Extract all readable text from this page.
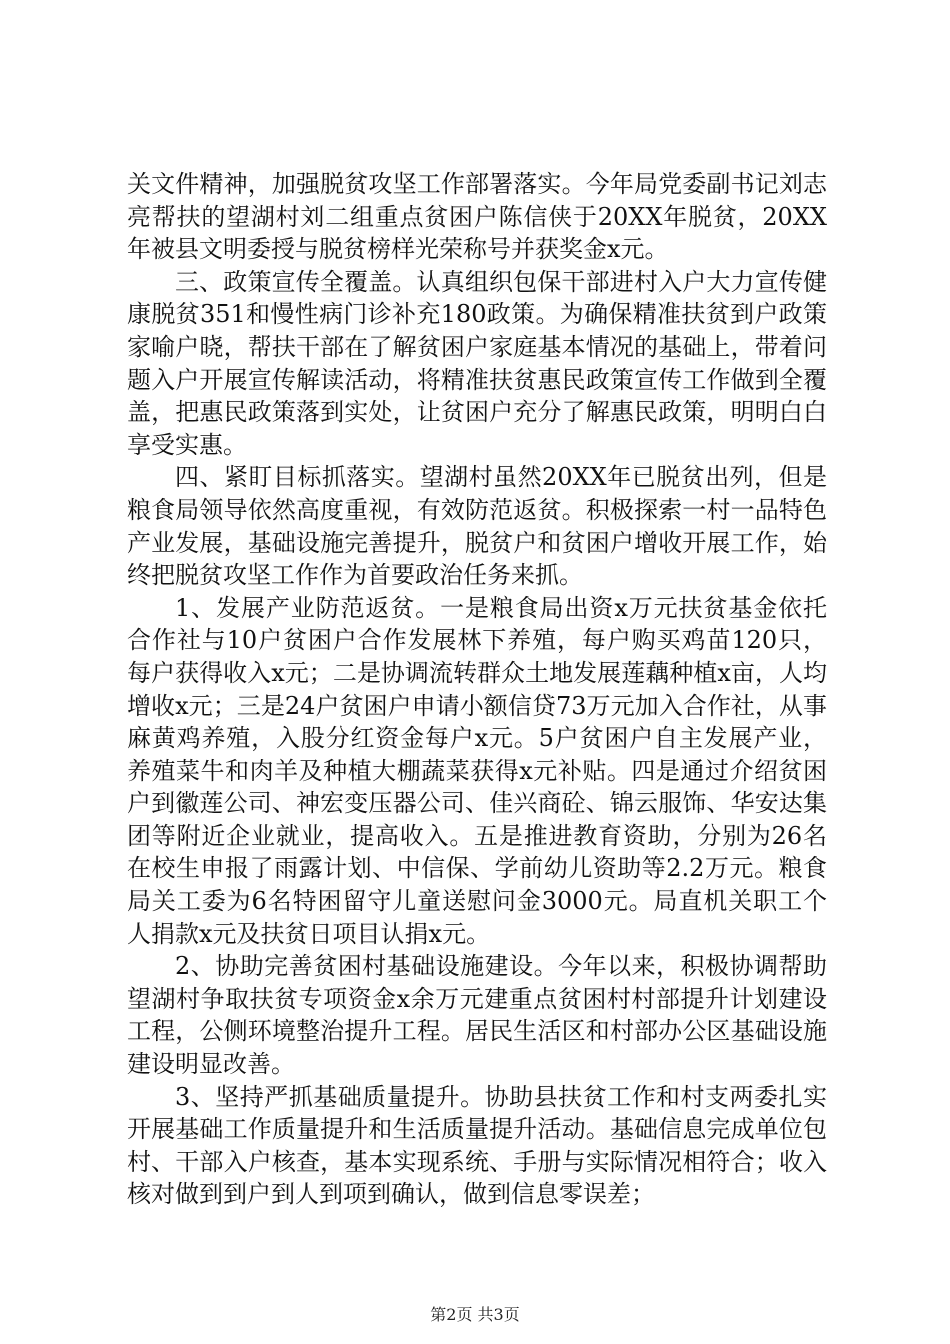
关文件精神，加强脱贫攻坚工作部署落实。今年局党委副书记刘志亮帮扶的望湖村刘二组重点贫困户陈信侠于20XX年脱贫，20XX年被县文明委授与脱贫榜样光荣称号并获奖金x元。

三、政策宣传全覆盖。认真组织包保干部进村入户大力宣传健康脱贫351和慢性病门诊补充180政策。为确保精准扶贫到户政策家喻户晓，帮扶干部在了解贫困户家庭基本情况的基础上，带着问题入户开展宣传解读活动，将精准扶贫惠民政策宣传工作做到全覆盖，把惠民政策落到实处，让贫困户充分了解惠民政策，明明白白享受实惠。

四、紧盯目标抓落实。望湖村虽然20XX年已脱贫出列，但是粮食局领导依然高度重视，有效防范返贫。积极探索一村一品特色产业发展，基础设施完善提升，脱贫户和贫困户增收开展工作，始终把脱贫攻坚工作作为首要政治任务来抓。

1、发展产业防范返贫。一是粮食局出资x万元扶贫基金依托合作社与10户贫困户合作发展林下养殖，每户购买鸡苗120只，每户获得收入x元；二是协调流转群众土地发展莲藕种植x亩，人均增收x元；三是24户贫困户申请小额信贷73万元加入合作社，从事麻黄鸡养殖，入股分红资金每户x元。5户贫困户自主发展产业，养殖菜牛和肉羊及种植大棚蔬菜获得x元补贴。四是通过介绍贫困户到徽莲公司、神宏变压器公司、佳兴商砼、锦云服饰、华安达集团等附近企业就业，提高收入。五是推进教育资助，分别为26名在校生申报了雨露计划、中信保、学前幼儿资助等2.2万元。粮食局关工委为6名特困留守儿童送慰问金3000元。局直机关职工个人捐款x元及扶贫日项目认捐x元。

2、协助完善贫困村基础设施建设。今年以来，积极协调帮助望湖村争取扶贫专项资金x余万元建重点贫困村村部提升计划建设工程，公侧环境整治提升工程。居民生活区和村部办公区基础设施建设明显改善。

3、坚持严抓基础质量提升。协助县扶贫工作和村支两委扎实开展基础工作质量提升和生活质量提升活动。基础信息完成单位包村、干部入户核查，基本实现系统、手册与实际情况相符合；收入核对做到到户到人到项到确认，做到信息零误差；

第2页 共3页
